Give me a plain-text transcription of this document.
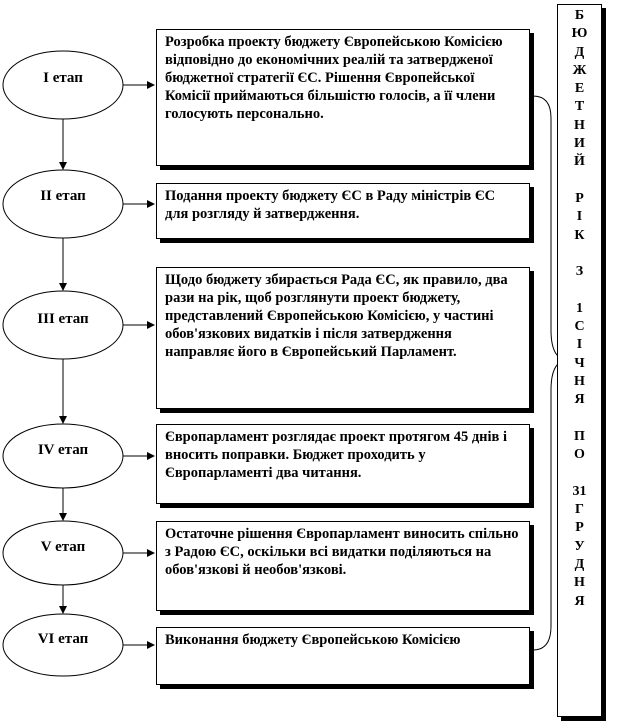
I етап
II етап
III етап
IV етап
V етап
VI етап
Розробка проекту бюджету Європейською Комісією відповідно до економічних реалій та затвердженої бюджетної стратегії ЄС. Рішення Європейської Комісії приймаються більшістю голосів, а її члени голосують персонально.
Подання проекту бюджету ЄС в Раду міністрів ЄС для розгляду й затвердження.
Щодо бюджету збирається Рада ЄС, як правило, два рази на рік, щоб розглянути проект бюджету, представлений Європейською Комісією, у частині обов'язкових видатків і після затвердження направляє його в Європейський Парламент.
Європарламент розглядає проект протягом 45 днів і вносить поправки. Бюджет проходить у Європарламенті два читання.
Остаточне рішення Європарламент виносить спільно з Радою ЄС, оскільки всі видатки поділяються на обов'язкові й необов'язкові.
Виконання бюджету Європейською Комісією
Б
Ю
Д
Ж
Е
Т
Н
И
Й
Р
І
К
З
1
С
І
Ч
Н
Я
П
О
31
Г
Р
У
Д
Н
Я
